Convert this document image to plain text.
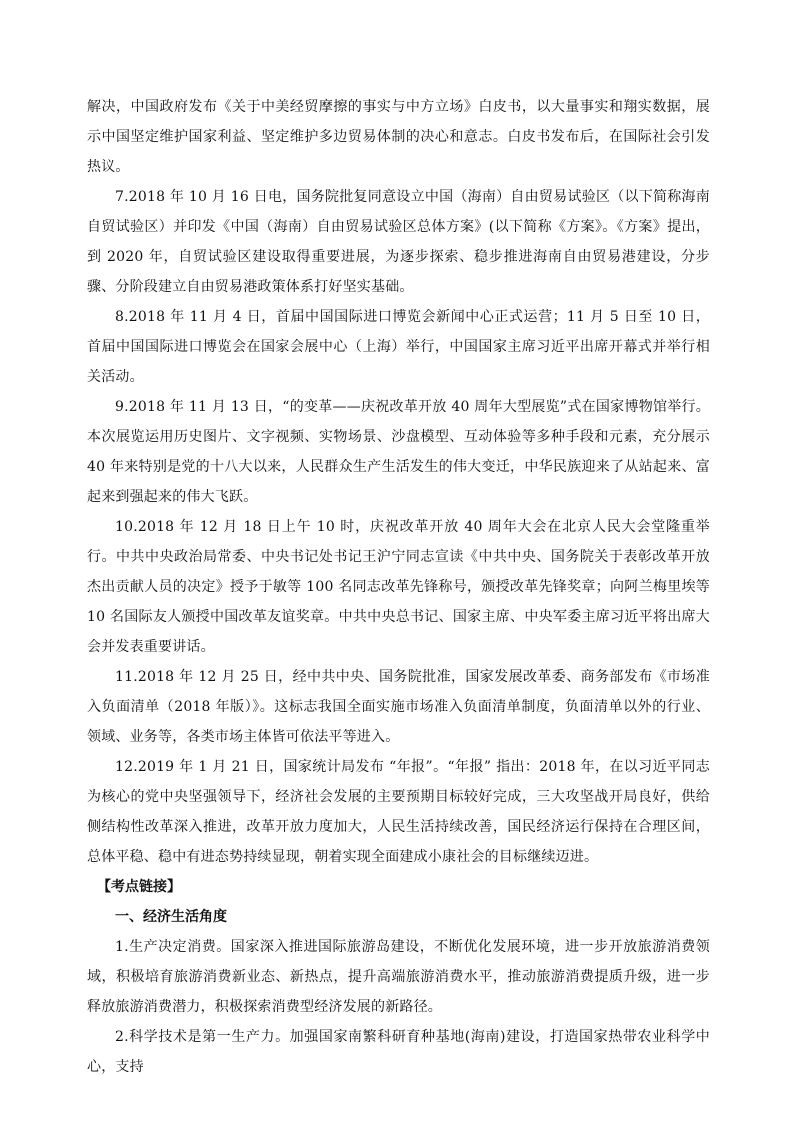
解决，中国政府发布《关于中美经贸摩擦的事实与中方立场》白皮书，以大量事实和翔实数据，展示中国坚定维护国家利益、坚定维护多边贸易体制的决心和意志。白皮书发布后，在国际社会引发热议。

7.2018 年 10 月 16 日电，国务院批复同意设立中国（海南）自由贸易试验区（以下简称海南自贸试验区）并印发《中国（海南）自由贸易试验区总体方案》(以下简称《方案》。《方案》提出，到 2020 年，自贸试验区建设取得重要进展，为逐步探索、稳步推进海南自由贸易港建设，分步骤、分阶段建立自由贸易港政策体系打好坚实基础。

8.2018 年 11 月 4 日，首届中国国际进口博览会新闻中心正式运营；11 月 5 日至 10 日，首届中国国际进口博览会在国家会展中心（上海）举行，中国国家主席习近平出席开幕式并举行相关活动。

9.2018 年 11 月 13 日，“的变革——庆祝改革开放 40 周年大型展览”式在国家博物馆举行。本次展览运用历史图片、文字视频、实物场景、沙盘模型、互动体验等多种手段和元素，充分展示 40 年来特别是党的十八大以来，人民群众生产生活发生的伟大变迁，中华民族迎来了从站起来、富起来到强起来的伟大飞跃。

10.2018 年 12 月 18 日上午 10 时，庆祝改革开放 40 周年大会在北京人民大会堂隆重举行。中共中央政治局常委、中央书记处书记王沪宁同志宣读《中共中央、国务院关于表彰改革开放杰出贡献人员的决定》授予于敏等 100 名同志改革先锋称号，颁授改革先锋奖章；向阿兰梅里埃等 10 名国际友人颁授中国改革友谊奖章。中共中央总书记、国家主席、中央军委主席习近平将出席大会并发表重要讲话。

11.2018 年 12 月 25 日，经中共中央、国务院批准，国家发展改革委、商务部发布《市场准入负面清单（2018 年版）》。这标志我国全面实施市场准入负面清单制度，负面清单以外的行业、领域、业务等，各类市场主体皆可依法平等进入。

12.2019 年 1 月 21 日，国家统计局发布 “年报”。“年报” 指出：2018 年，在以习近平同志为核心的党中央坚强领导下，经济社会发展的主要预期目标较好完成，三大攻坚战开局良好，供给侧结构性改革深入推进，改革开放力度加大，人民生活持续改善，国民经济运行保持在合理区间，总体平稳、稳中有进态势持续显现，朝着实现全面建成小康社会的目标继续迈进。

【考点链接】

一、经济生活角度

1.生产决定消费。国家深入推进国际旅游岛建设，不断优化发展环境，进一步开放旅游消费领域，积极培育旅游消费新业态、新热点，提升高端旅游消费水平，推动旅游消费提质升级，进一步释放旅游消费潜力，积极探索消费型经济发展的新路径。

2.科学技术是第一生产力。加强国家南繁科研育种基地(海南)建设，打造国家热带农业科学中心，支持
